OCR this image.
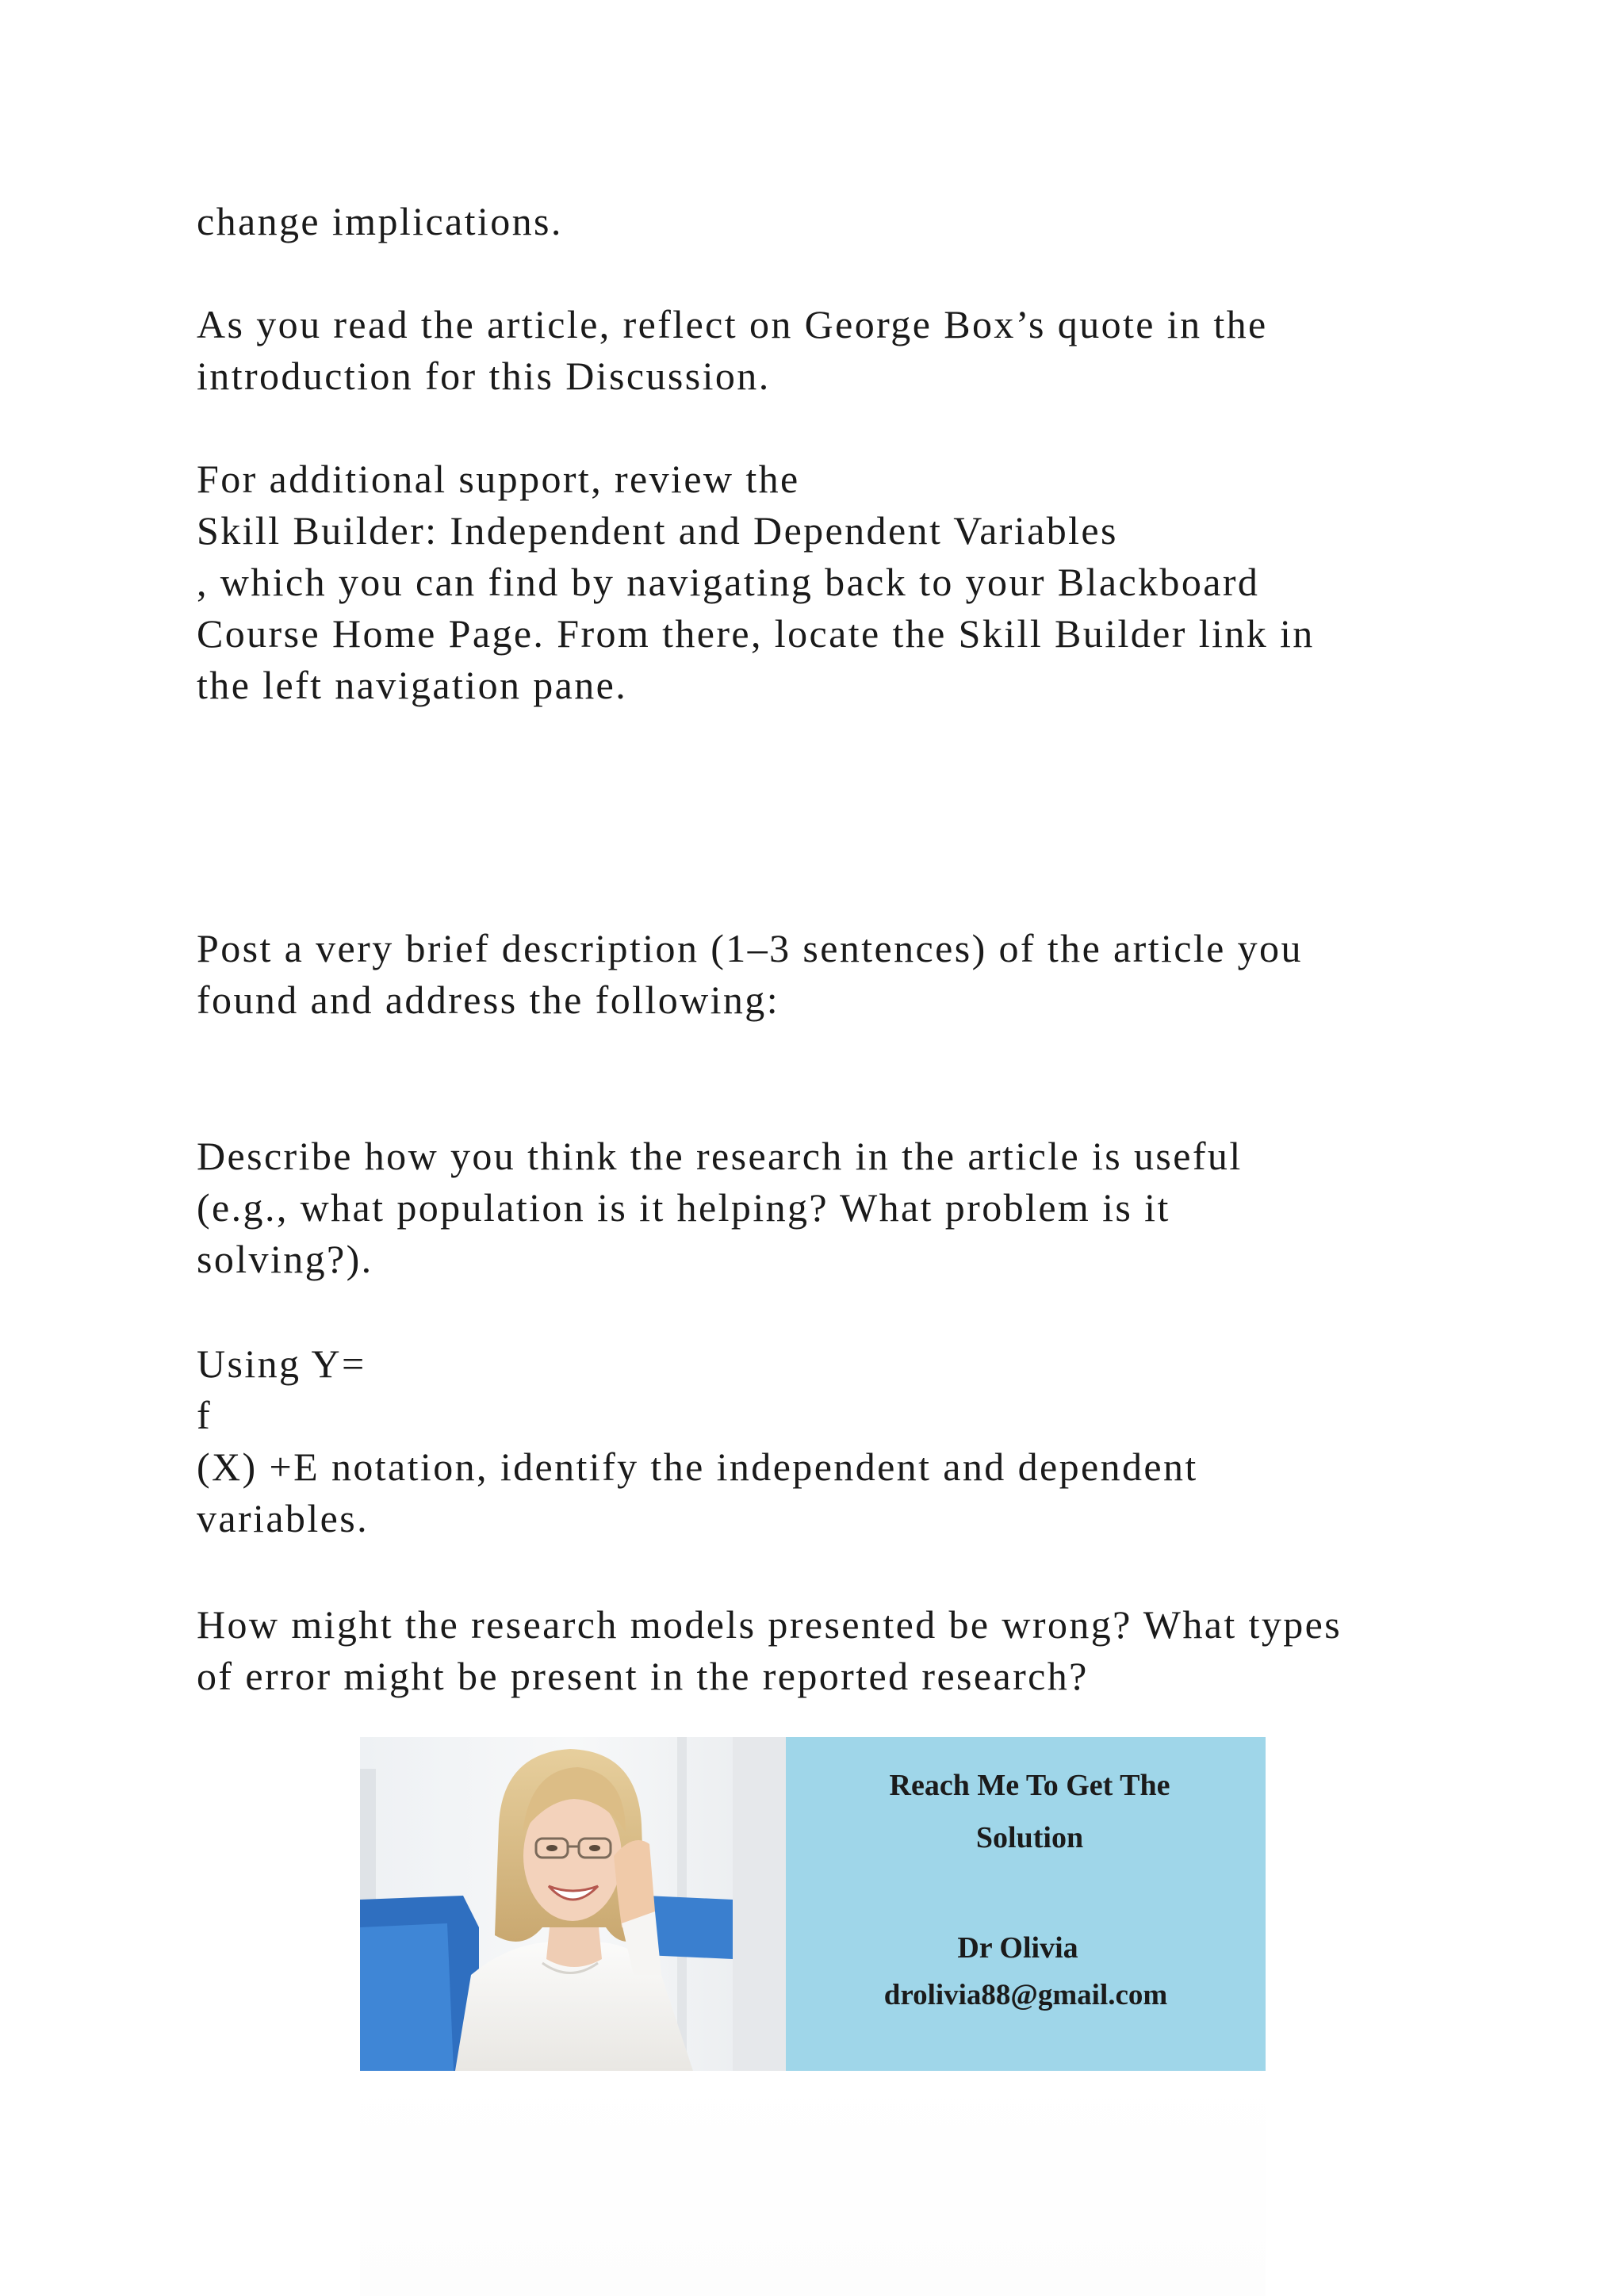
change implications.
As you read the article, reflect on George Box’s quote in the
introduction for this Discussion.
For additional support, review the
Skill Builder: Independent and Dependent Variables
, which you can find by navigating back to your Blackboard
Course Home Page. From there, locate the Skill Builder link in
the left navigation pane.
Post a very brief description (1–3 sentences) of the article you
found and address the following:
Describe how you think the research in the article is useful
(e.g., what population is it helping? What problem is it
solving?).
Using Y=
f
(X) +E notation, identify the independent and dependent
variables.
How might the research models presented be wrong? What types
of error might be present in the reported research?
Reach Me To Get The
Solution
Dr Olivia
drolivia88@gmail.com
